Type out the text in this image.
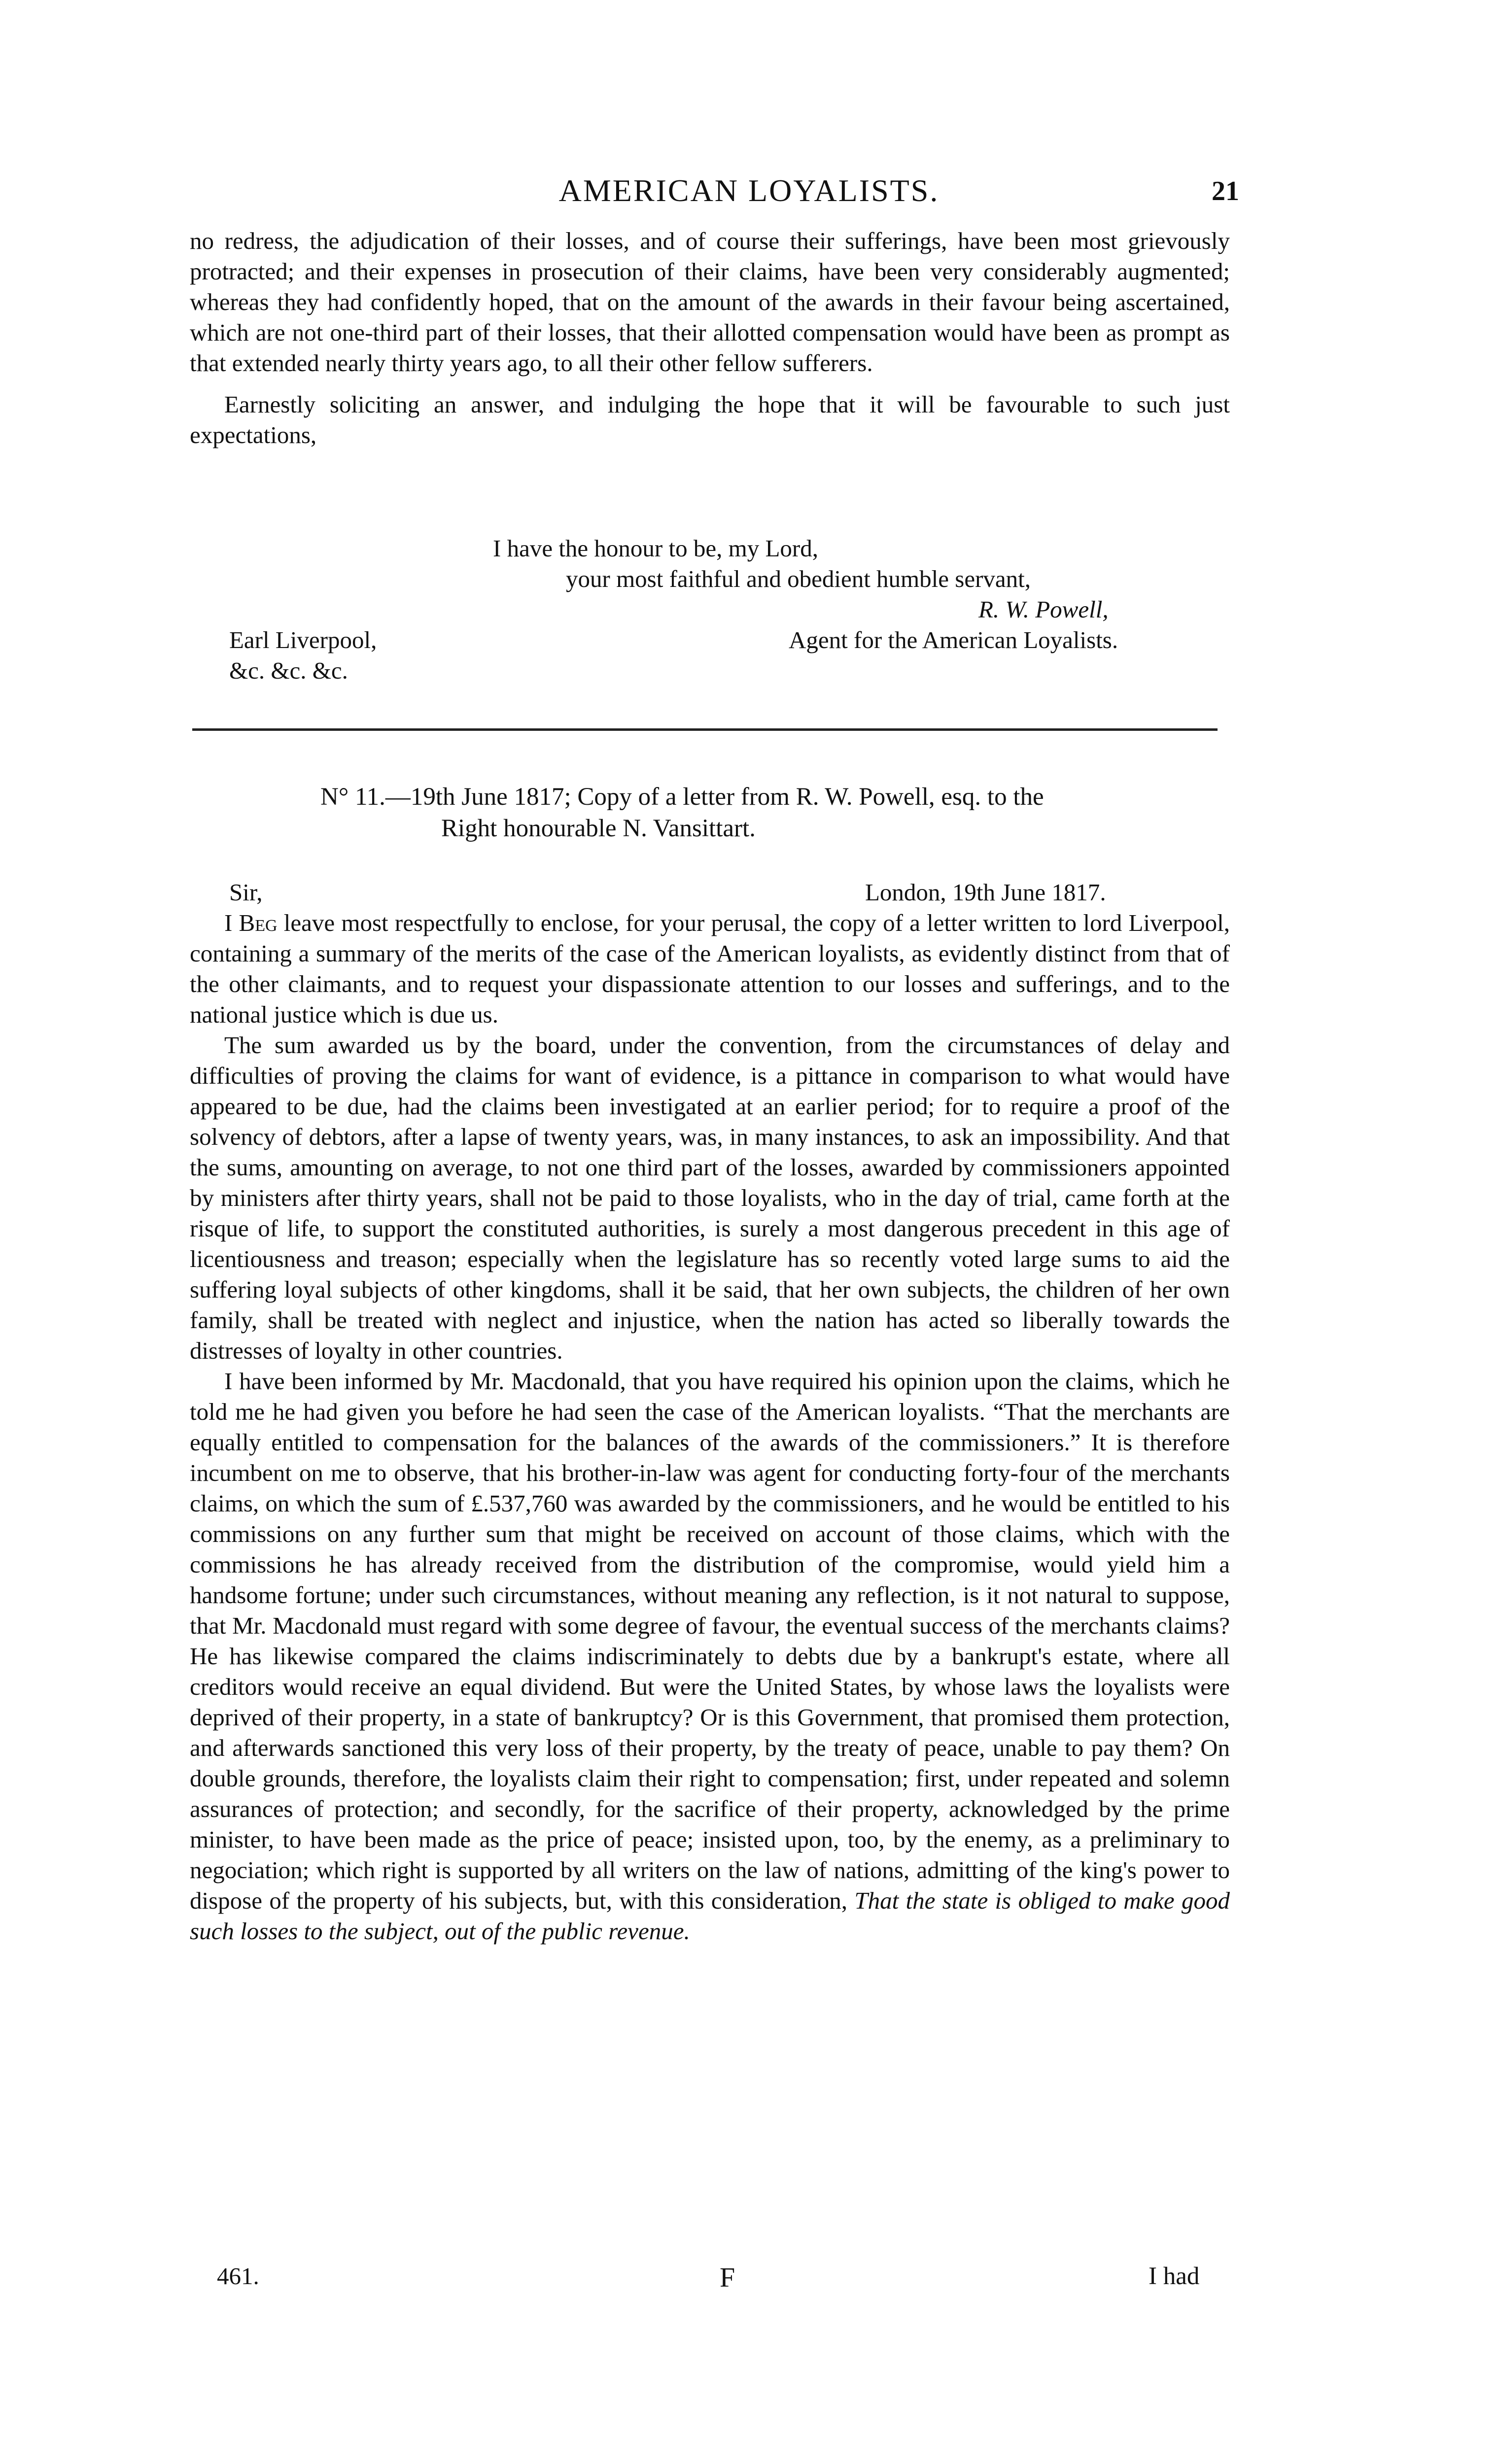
AMERICAN LOYALISTS.	21

no redress, the adjudication of their losses, and of course their sufferings, have been most grievously protracted; and their expenses in prosecution of their claims, have been very considerably augmented; whereas they had confidently hoped, that on the amount of the awards in their favour being ascertained, which are not one-third part of their losses, that their allotted compensation would have been as prompt as that extended nearly thirty years ago, to all their other fellow sufferers.

Earnestly soliciting an answer, and indulging the hope that it will be favourable to such just expectations,

I have the honour to be, my Lord,
your most faithful and obedient humble servant,
R. W. Powell,
Earl Liverpool,	Agent for the American Loyalists.
&c. &c. &c.
N° 11.—19th June 1817; Copy of a letter from R. W. Powell, esq. to the
Right honourable N. Vansittart.
Sir,	London, 19th June 1817.

I Beg leave most respectfully to enclose, for your perusal, the copy of a letter written to lord Liverpool, containing a summary of the merits of the case of the American loyalists, as evidently distinct from that of the other claimants, and to request your dispassionate attention to our losses and sufferings, and to the national justice which is due us.

The sum awarded us by the board, under the convention, from the circumstances of delay and difficulties of proving the claims for want of evidence, is a pittance in comparison to what would have appeared to be due, had the claims been investigated at an earlier period; for to require a proof of the solvency of debtors, after a lapse of twenty years, was, in many instances, to ask an impossibility. And that the sums, amounting on average, to not one third part of the losses, awarded by commissioners appointed by ministers after thirty years, shall not be paid to those loyalists, who in the day of trial, came forth at the risque of life, to support the constituted authorities, is surely a most dangerous precedent in this age of licentiousness and treason; especially when the legislature has so recently voted large sums to aid the suffering loyal subjects of other kingdoms, shall it be said, that her own subjects, the children of her own family, shall be treated with neglect and injustice, when the nation has acted so liberally towards the distresses of loyalty in other countries.

I have been informed by Mr. Macdonald, that you have required his opinion upon the claims, which he told me he had given you before he had seen the case of the American loyalists. “That the merchants are equally entitled to compensation for the balances of the awards of the commissioners.” It is therefore incumbent on me to observe, that his brother-in-law was agent for conducting forty-four of the merchants claims, on which the sum of £.537,760 was awarded by the commissioners, and he would be entitled to his commissions on any further sum that might be received on account of those claims, which with the commissions he has already received from the distribution of the compromise, would yield him a handsome fortune; under such circumstances, without meaning any reflection, is it not natural to suppose, that Mr. Macdonald must regard with some degree of favour, the eventual success of the merchants claims? He has likewise compared the claims indiscriminately to debts due by a bankrupt's estate, where all creditors would receive an equal dividend. But were the United States, by whose laws the loyalists were deprived of their property, in a state of bankruptcy? Or is this Government, that promised them protection, and afterwards sanctioned this very loss of their property, by the treaty of peace, unable to pay them? On double grounds, therefore, the loyalists claim their right to compensation; first, under repeated and solemn assurances of protection; and secondly, for the sacrifice of their property, acknowledged by the prime minister, to have been made as the price of peace; insisted upon, too, by the enemy, as a preliminary to negociation; which right is supported by all writers on the law of nations, admitting of the king's power to dispose of the property of his subjects, but, with this consideration, That the state is obliged to make good such losses to the subject, out of the public revenue.

461.	F	I had
